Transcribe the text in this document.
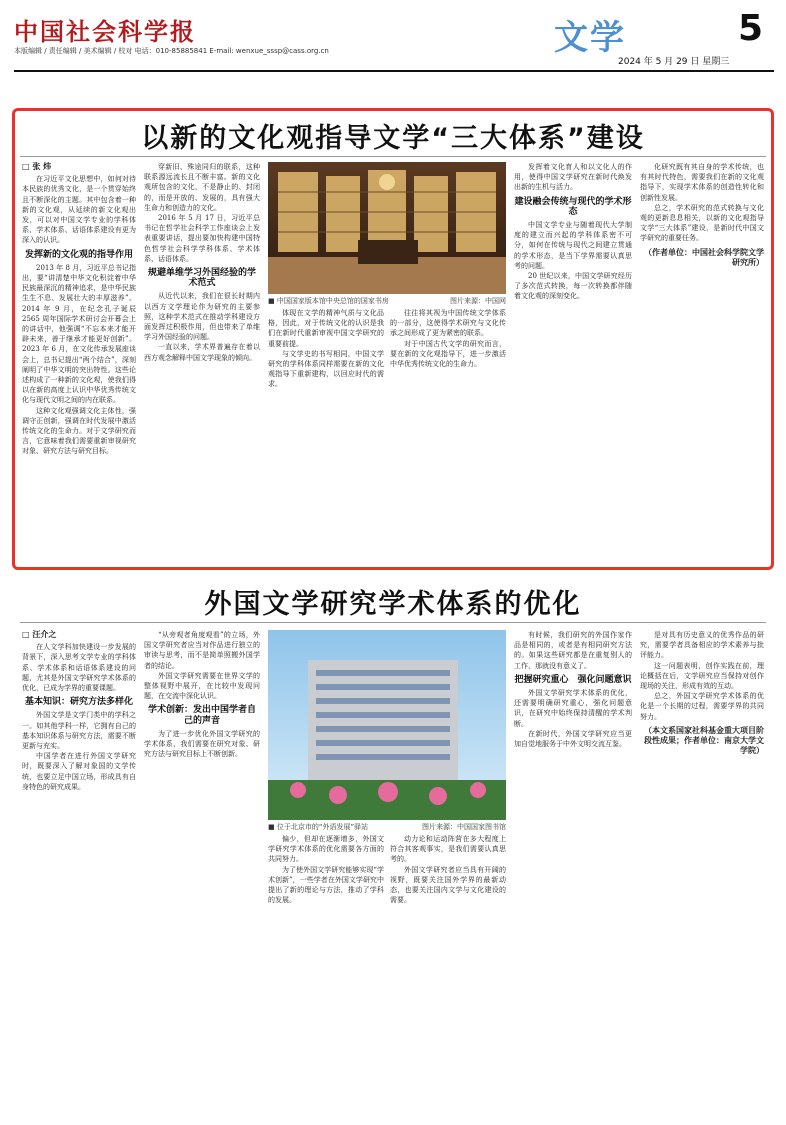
中国社会科学报
本版编辑 / 责任编辑 / 美术编辑 / 校对 电话：010-85885841 E-mail: wenxue_sssp@cass.org.cn	文学	5
2024 年 5 月 29 日 星期三
以新的文化观指导文学“三大体系”建设
□ 张 炜

在习近平文化思想中，如何对待本民族的优秀文化，是一个贯穿始终且不断深化的主题。其中包含着一种新的文化观，从延续的新文化观出发，可以对中国文学专业的学科体系、学术体系、话语体系建设有更为深入的认识。

发挥新的文化观的指导作用

2013 年 8 月，习近平总书记指出，要“讲清楚中华文化积淀着中华民族最深沉的精神追求，是中华民族生生不息、发展壮大的丰厚滋养”。2014 年 9 月，在纪念孔子诞辰 2565 周年国际学术研讨会开幕会上的讲话中，他强调“不忘本来才能开辟未来，善于继承才能更好创新”。2023 年 6 月，在文化传承发展座谈会上，总书记提出“两个结合”，深刻阐明了中华文明的突出特性。这些论述构成了一种新的文化观，使我们得以在新的高度上认识中华优秀传统文化与现代文明之间的内在联系。

这种文化观强调文化主体性，强调守正创新，强调在时代发展中激活传统文化的生命力。对于文学研究而言，它意味着我们需要重新审视研究对象、研究方法与研究目标。

穿新旧、殊途同归的联系，这种联系源远流长且不断丰富。新的文化观所包含的文化，不是静止的、封闭的，而是开放的、发展的，具有强大生命力和创造力的文化。

2016 年 5 月 17 日，习近平总书记在哲学社会科学工作座谈会上发表重要讲话，提出要加快构建中国特色哲学社会科学学科体系、学术体系、话语体系。

规避单维学习外国经验的学术范式

从近代以来，我们在很长时期内以西方文学理论作为研究的主要参照，这种学术范式在推动学科建设方面发挥过积极作用，但也带来了单维学习外国经验的问题。

一直以来，学术界普遍存在着以西方观念解释中国文学现象的倾向。

■ 中国国家版本馆中央总馆的国家书房	图片来源：中国网

体现在文学的精神气质与文化品格，因此，对于传统文化的认识是我们在新时代重新审视中国文学研究的重要前提。

与文学史的书写相同，中国文学研究的学科体系同样需要在新的文化观指导下重新建构，以回应时代的需求。

往往将其视为中国传统文学体系的一部分，这使得学术研究与文化传承之间形成了更为紧密的联系。

对于中国古代文学的研究而言，要在新的文化观指导下，进一步激活中华优秀传统文化的生命力。

发挥着文化育人和以文化人的作用，使得中国文学研究在新时代焕发出新的生机与活力。

建设融会传统与现代的学术形态

中国文学专业与随着现代大学制度的建立而兴起的学科体系密不可分，如何在传统与现代之间建立贯通的学术形态，是当下学界需要认真思考的问题。

20 世纪以来，中国文学研究经历了多次范式转换，每一次转换都伴随着文化观的深刻变化。

化研究既有其自身的学术传统，也有其时代特色，需要我们在新的文化观指导下，实现学术体系的创造性转化和创新性发展。

总之，学术研究的范式转换与文化观的更新息息相关，以新的文化观指导文学“三大体系”建设，是新时代中国文学研究的重要任务。

（作者单位：中国社会科学院文学研究所）
外国文学研究学术体系的优化
□ 汪介之

在人文学科加快建设一步发展的背景下，深入思考文学专业的学科体系、学术体系和话语体系建设的问题，尤其是外国文学研究学术体系的优化，已成为学界的重要课题。

基本知识：研究方法多样化

外国文学是文学门类中的学科之一。如其他学科一样，它拥有自己的基本知识体系与研究方法，需要不断更新与充实。

中国学者在进行外国文学研究时，既要深入了解对象国的文学传统，也要立足中国立场，形成具有自身特色的研究成果。

“从旁观者角度观看”的立场，外国文学研究者应当对作品进行独立的审读与思考，而不是简单照搬外国学者的结论。

外国文学研究需要在世界文学的整体视野中展开，在比较中发现问题，在交流中深化认识。

学术创新：发出中国学者自己的声音

为了进一步优化外国文学研究的学术体系，我们需要在研究对象、研究方法与研究目标上不断创新。

■ 位于北京市的“外语发展”驿站	图片来源：中国国家图书馆

偏少，但却在逐渐增多，外国文学研究学术体系的优化需要各方面的共同努力。

为了使外国文学研究能够实现“学术创新”，一些学者在外国文学研究中提出了新的理论与方法，推动了学科的发展。

动力论和运动阵营在多大程度上符合其客观事实，是我们需要认真思考的。

外国文学研究者应当具有开阔的视野，既要关注国外学界的最新动态，也要关注国内文学与文化建设的需要。

有时候，我们研究的外国作家作品是相同的，或者是有相同研究方法的。如果这些研究都是在重复别人的工作，那就没有意义了。

把握研究重心　强化问题意识

外国文学研究学术体系的优化，还需要明确研究重心，强化问题意识，在研究中始终保持清醒的学术判断。

在新时代，外国文学研究应当更加自觉地服务于中外文明交流互鉴。

是对具有历史意义的优秀作品的研究，需要学者具备相应的学术素养与批评能力。

这一问题表明，创作实践在前，理论概括在后，文学研究应当保持对创作现场的关注，形成有效的互动。

总之，外国文学研究学术体系的优化是一个长期的过程，需要学界的共同努力。

（本文系国家社科基金重大项目阶段性成果；作者单位：南京大学文学院）
